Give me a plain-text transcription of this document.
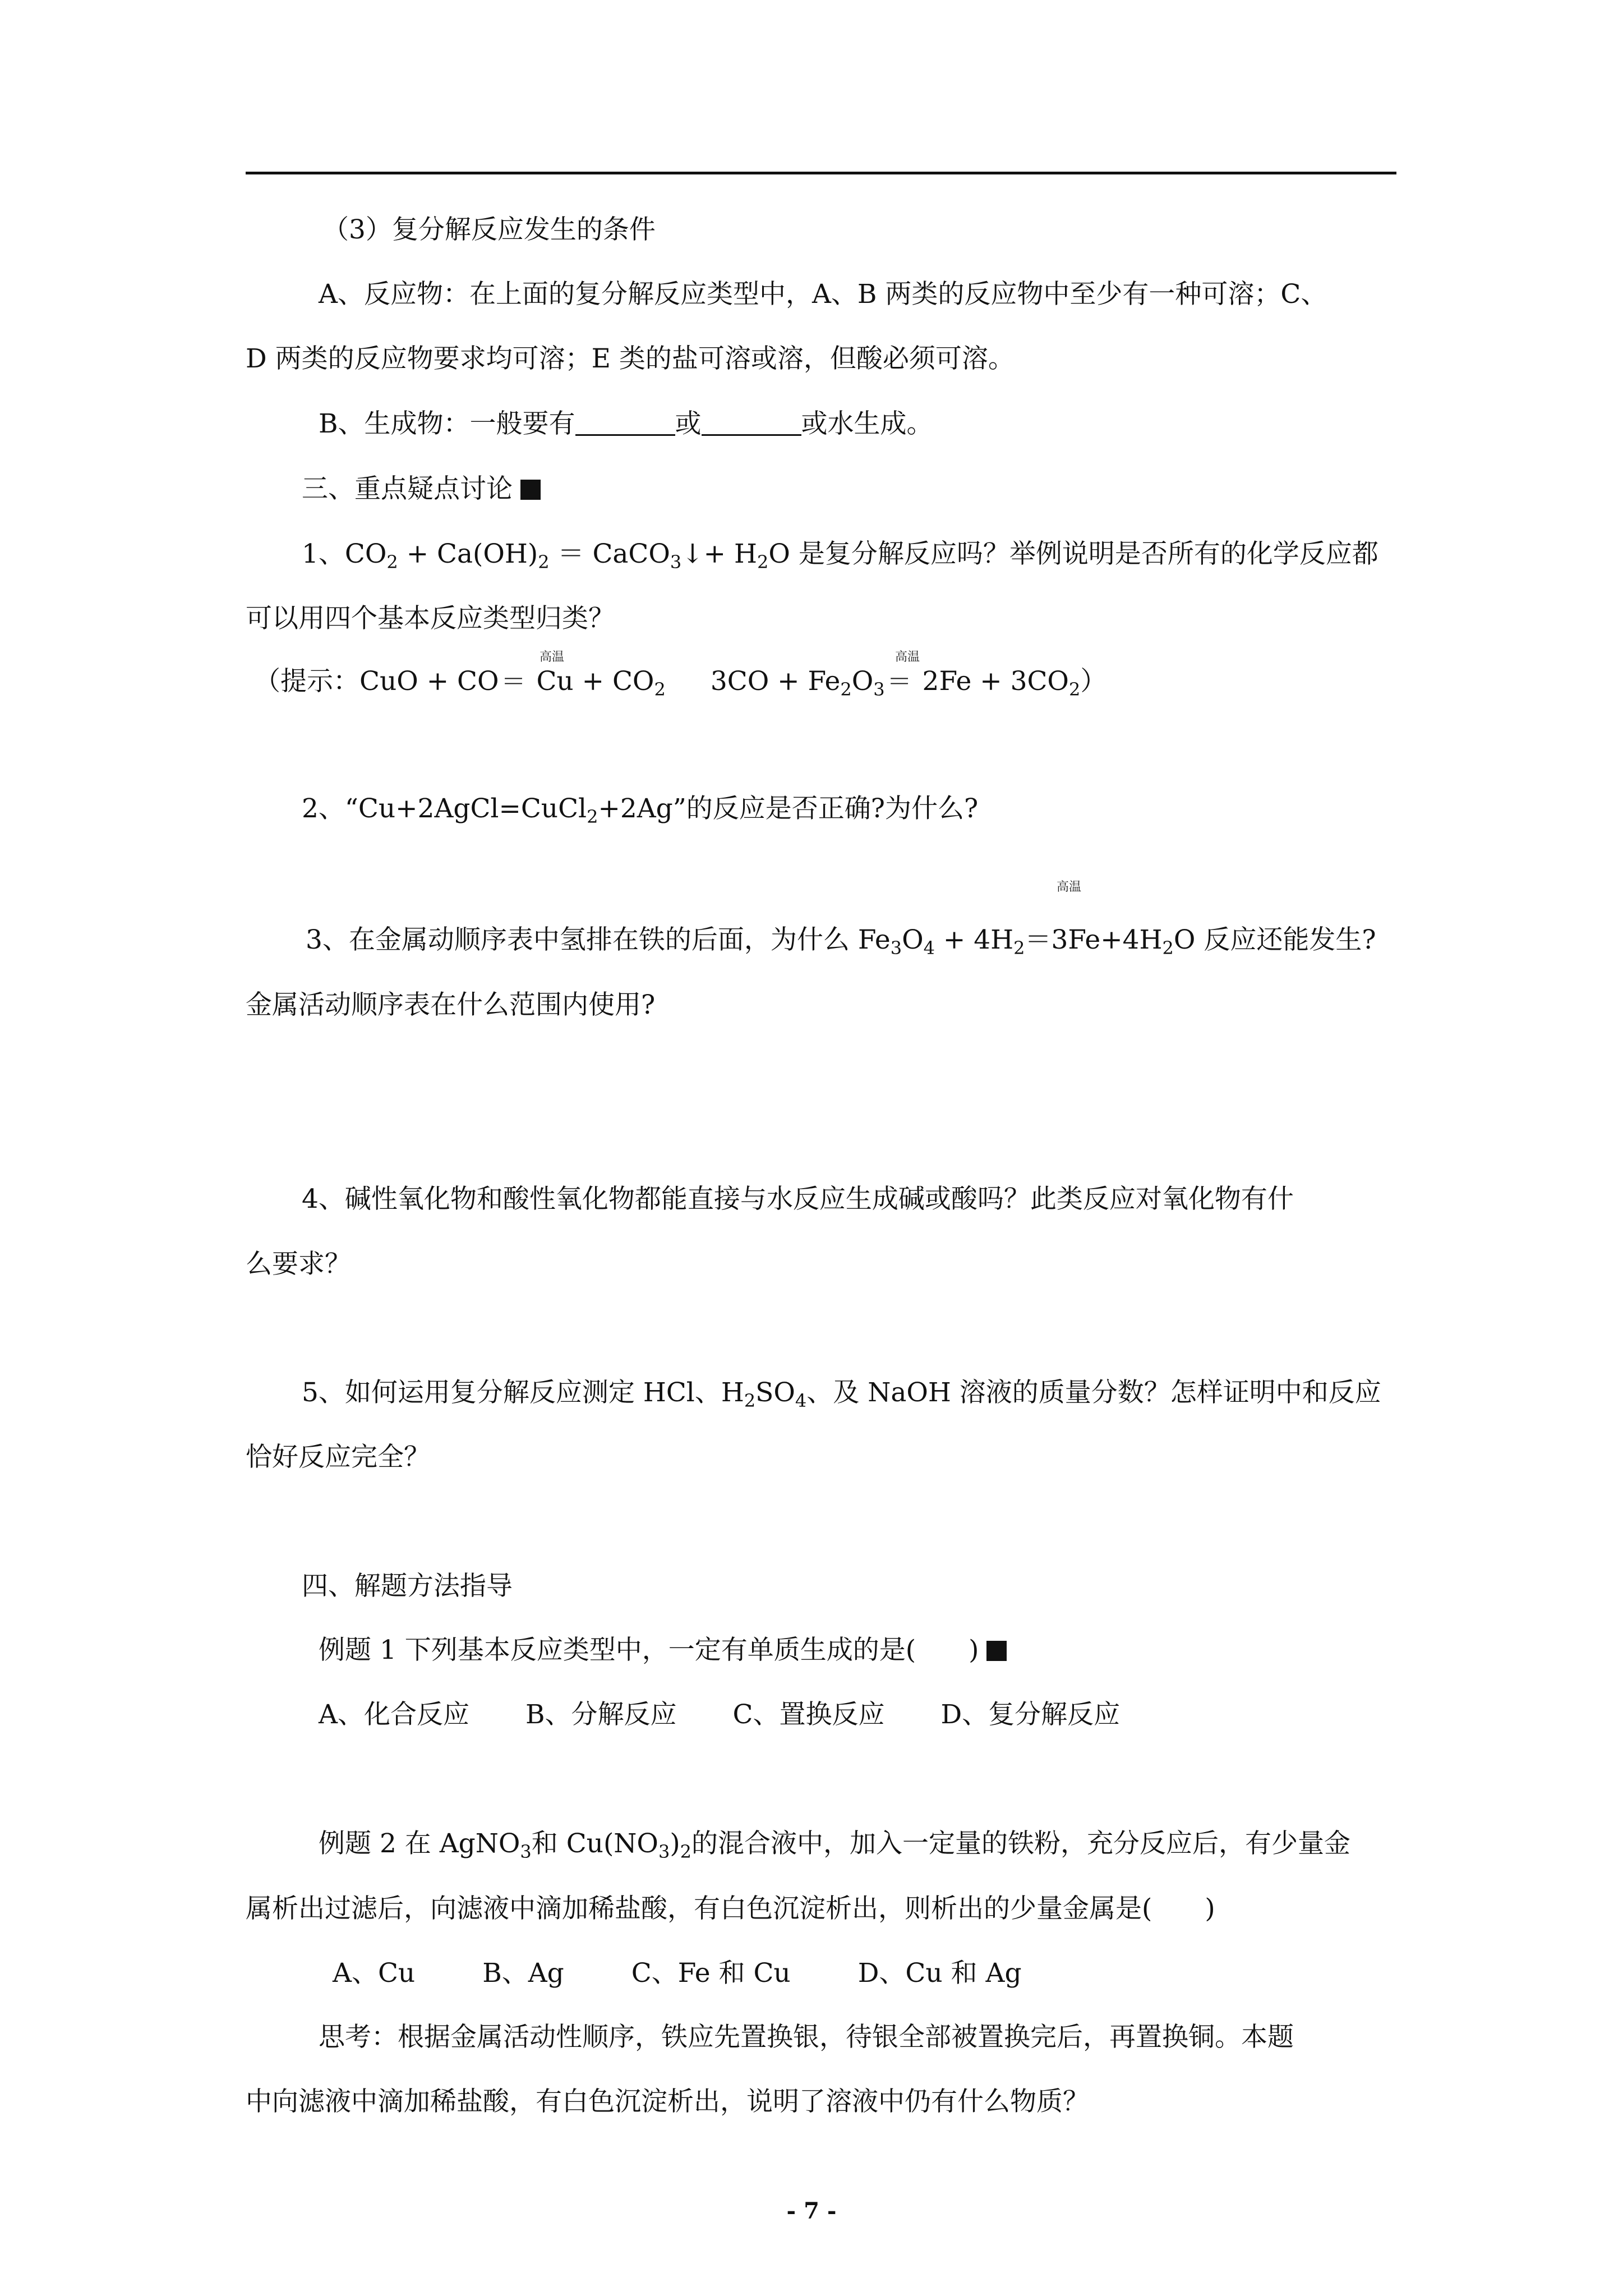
（3）复分解反应发生的条件
A、反应物：在上面的复分解反应类型中，A、B 两类的反应物中至少有一种可溶；C、
D 两类的反应物要求均可溶；E 类的盐可溶或溶，但酸必须可溶。
B、生成物：一般要有	或	或水生成。
三、重点疑点讨论
1、$CO_2 + Ca(OH)_2$ ＝ CaCO$_3$↓+ $H_2O$ 是复分解反应吗？举例说明是否所有的化学反应都
可以用四个基本反应类型归类？
高温	高温
（提示：CuO + $CO= Cu + CO_2$ $3CO + Fe_2O_3= 2Fe + 3CO_2$）
2、“Cu+2AgCl=CuCl$_2$+2Ag”的反应是否正确?为什么?
高温
3、在金属动顺序表中氢排在铁的后面，为什么 $Fe_3O_4 + 4H_2=3Fe+4H_2O$ 反应还能发生?
金属活动顺序表在什么范围内使用?
4、碱性氧化物和酸性氧化物都能直接与水反应生成碱或酸吗？此类反应对氧化物有什
么要求？
5、如何运用复分解反应测定 HCl、$H_2SO_4$、及 NaOH 溶液的质量分数？怎样证明中和反应
恰好反应完全？
四、解题方法指导
例题 1 下列基本反应类型中，一定有单质生成的是(　　)
A、化合反应 B、分解反应 C、置换反应 D、复分解反应
例题 2 在 AgNO$_3$和 $Cu(NO_3)_2$的混合液中，加入一定量的铁粉，充分反应后，有少量金
属析出过滤后，向滤液中滴加稀盐酸，有白色沉淀析出，则析出的少量金属是(　　)
A、Cu	B、Ag	C、Fe 和 Cu	D、Cu 和 Ag
思考：根据金属活动性顺序，铁应先置换银，待银全部被置换完后，再置换铜。本题
中向滤液中滴加稀盐酸，有白色沉淀析出，说明了溶液中仍有什么物质？
- 7 -
